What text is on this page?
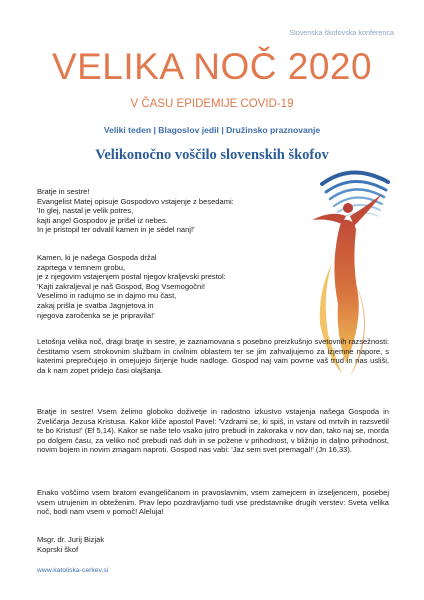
Slovenska škofovska konferenca
VELIKA NOČ 2020
V ČASU EPIDEMIJE COVID-19
Veliki teden | Blagoslov jedil | Družinsko praznovanje
Velikonočno voščilo slovenskih škofov
Bratje in sestre!
Evangelist Matej opisuje Gospodovo vstajenje z besedami:
'In glej, nastal je velik potres,
kajti angel Gospodov je prišel iz nebes.
In je pristopil ter odvalil kamen in je sédel nanj!'
Kamen, ki je našega Gospoda držal
zaprtega v temnem grobu,
je z njegovim vstajenjem postal njegov kraljevski prestol:
'Kajti zakraljeval je naš Gospod, Bog Vsemogočni!
Veselimo in radujmo se in dajmo mu čast,
zakaj prišla je svatba Jagnjetova in
njegova zaročenka se je pripravila!'
Letošnja velika noč, dragi bratje in sestre, je zaznamovana s posebno preizkušnjo svetovnih razsežnosti: čestitamo vsem strokovnim službam in civilnim oblastem ter se jim zahvaljujemo za izjemne napore, s katerimi preprečujejo in omejujejo širjenje hude nadloge. Gospod naj vam povrne vaš trud in nas usliši, da k nam zopet pridejo časi olajšanja.
Bratje in sestre! Vsem želimo globoko doživetje in radostno izkustvo vstajenja našega Gospoda in Zveličarja Jezusa Kristusa. Kakor kliče apostol Pavel: 'Vzdrami se, ki spiš, in vstani od mrtvih in razsvetlil te bo Kristus!' (Ef 5,14). Kakor se naše telo vsako jutro prebudi in zakoraka v nov dan, tako naj se, morda po dolgem času, za veliko noč prebudi naš duh in se požene v prihodnost, v bližnjo in daljno prihodnost, novim bojem in novim zmagam naproti. Gospod nas vabi: 'Jaz sem svet premagal!' (Jn 16,33).
Enako voščimo vsem bratom evangeličanom in pravoslavnim, vsem zamejcem in izseljencem, posebej vsem utrujenim in obteženim. Prav lepo pozdravljamo tudi vse predstavnike drugih verstev: Sveta velika noč, bodi nam vsem v pomoč! Aleluja!
Msgr. dr. Jurij Bizjak
Koprski škof
www.katoliska-cerkev.si
